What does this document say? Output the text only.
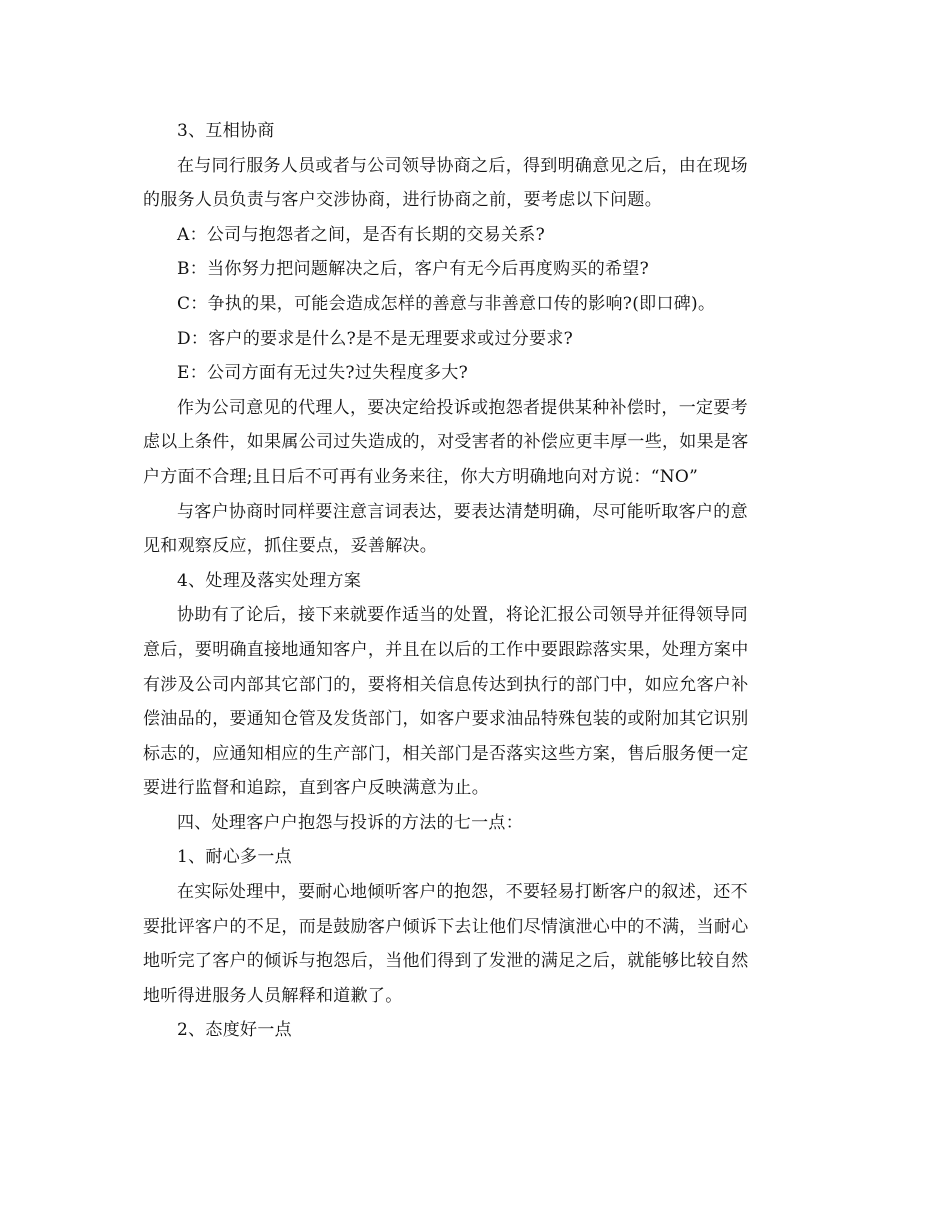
3、互相协商
在与同行服务人员或者与公司领导协商之后，得到明确意见之后，由在现场
的服务人员负责与客户交涉协商，进行协商之前，要考虑以下问题。
A：公司与抱怨者之间，是否有长期的交易关系?
B：当你努力把问题解决之后，客户有无今后再度购买的希望?
C：争执的果，可能会造成怎样的善意与非善意口传的影响?(即口碑)。
D：客户的要求是什么?是不是无理要求或过分要求?
E：公司方面有无过失?过失程度多大?
作为公司意见的代理人，要决定给投诉或抱怨者提供某种补偿时，一定要考
虑以上条件，如果属公司过失造成的，对受害者的补偿应更丰厚一些，如果是客
户方面不合理;且日后不可再有业务来往，你大方明确地向对方说：“NO”
与客户协商时同样要注意言词表达，要表达清楚明确，尽可能听取客户的意
见和观察反应，抓住要点，妥善解决。
4、处理及落实处理方案
协助有了论后，接下来就要作适当的处置，将论汇报公司领导并征得领导同
意后，要明确直接地通知客户，并且在以后的工作中要跟踪落实果，处理方案中
有涉及公司内部其它部门的，要将相关信息传达到执行的部门中，如应允客户补
偿油品的，要通知仓管及发货部门，如客户要求油品特殊包装的或附加其它识别
标志的，应通知相应的生产部门，相关部门是否落实这些方案，售后服务便一定
要进行监督和追踪，直到客户反映满意为止。
四、处理客户户抱怨与投诉的方法的七一点：
1、耐心多一点
在实际处理中，要耐心地倾听客户的抱怨，不要轻易打断客户的叙述，还不
要批评客户的不足，而是鼓励客户倾诉下去让他们尽情演泄心中的不满，当耐心
地听完了客户的倾诉与抱怨后，当他们得到了发泄的满足之后，就能够比较自然
地听得进服务人员解释和道歉了。
2、态度好一点
